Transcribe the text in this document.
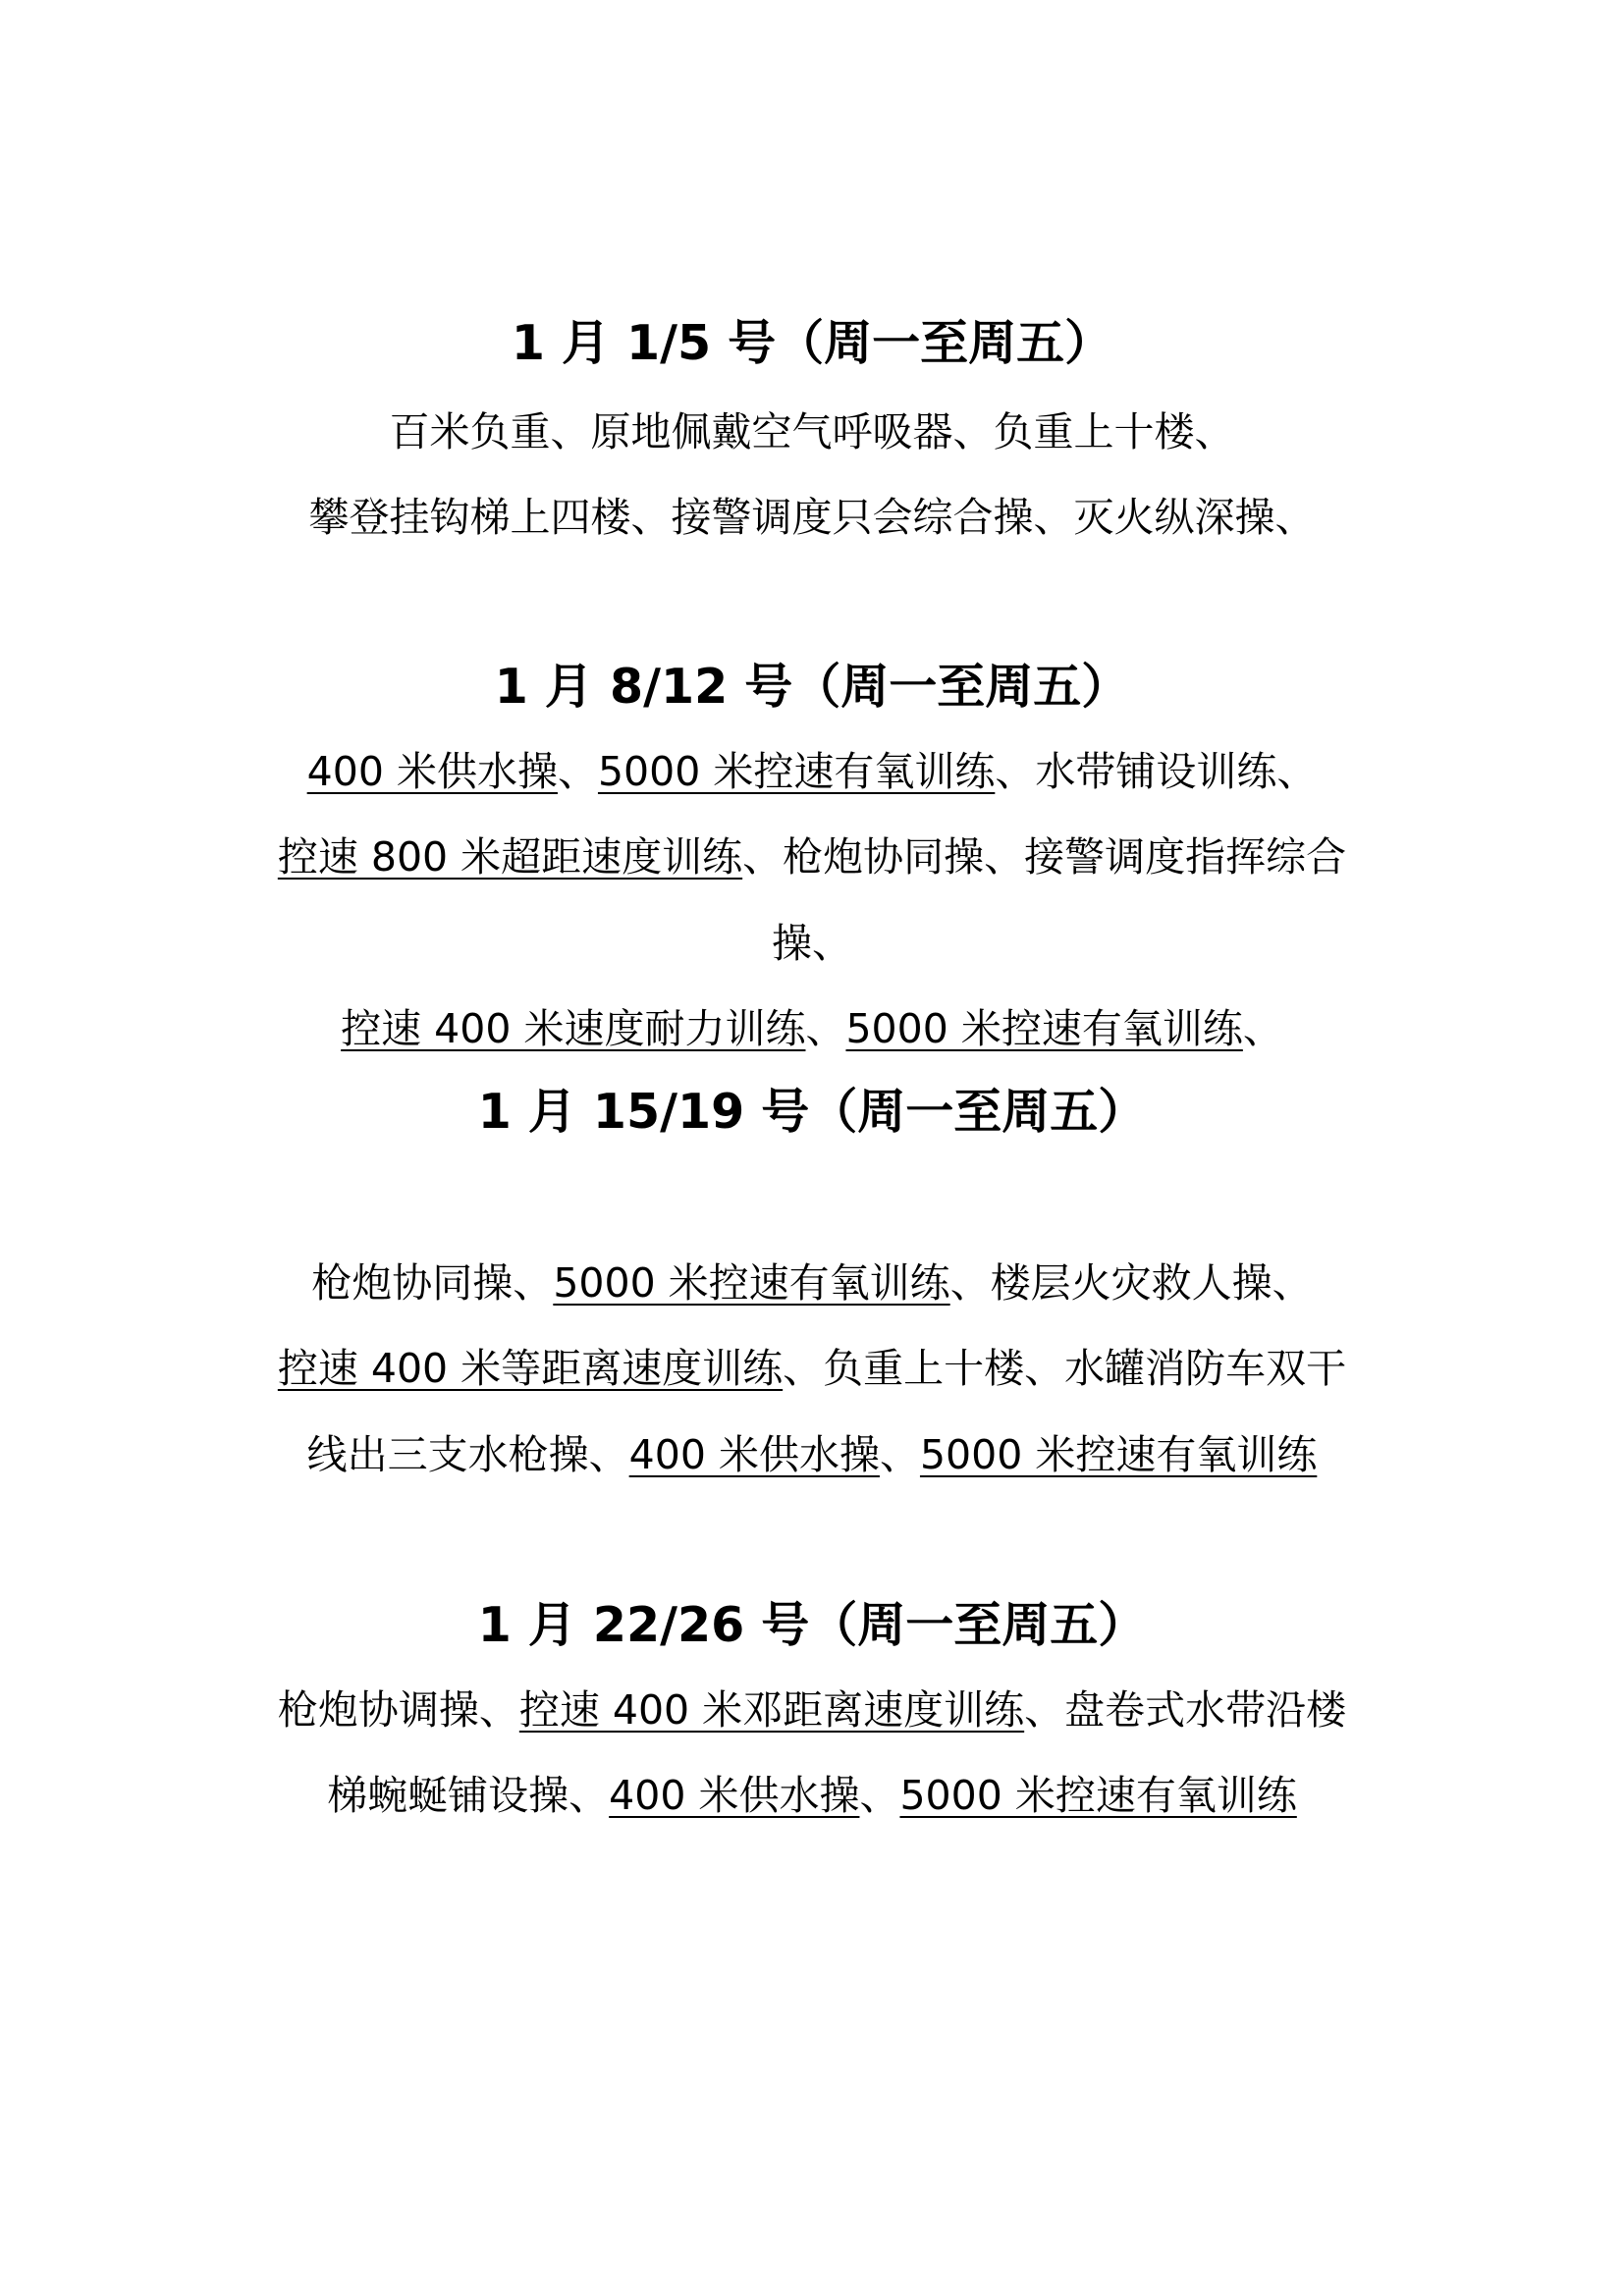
1 月 1/5 号（周一至周五）
百米负重、原地佩戴空气呼吸器、负重上十楼、
攀登挂钩梯上四楼、接警调度只会综合操、灭火纵深操、
1 月 8/12 号（周一至周五）
400 米供水操、5000 米控速有氧训练、水带铺设训练、
控速 800 米超距速度训练、枪炮协同操、接警调度指挥综合
操、
控速 400 米速度耐力训练、5000 米控速有氧训练、
1 月 15/19 号（周一至周五）
枪炮协同操、5000 米控速有氧训练、楼层火灾救人操、
控速 400 米等距离速度训练、负重上十楼、水罐消防车双干
线出三支水枪操、400 米供水操、5000 米控速有氧训练
1 月 22/26 号（周一至周五）
枪炮协调操、控速 400 米邓距离速度训练、盘卷式水带沿楼
梯蜿蜒铺设操、400 米供水操、5000 米控速有氧训练
